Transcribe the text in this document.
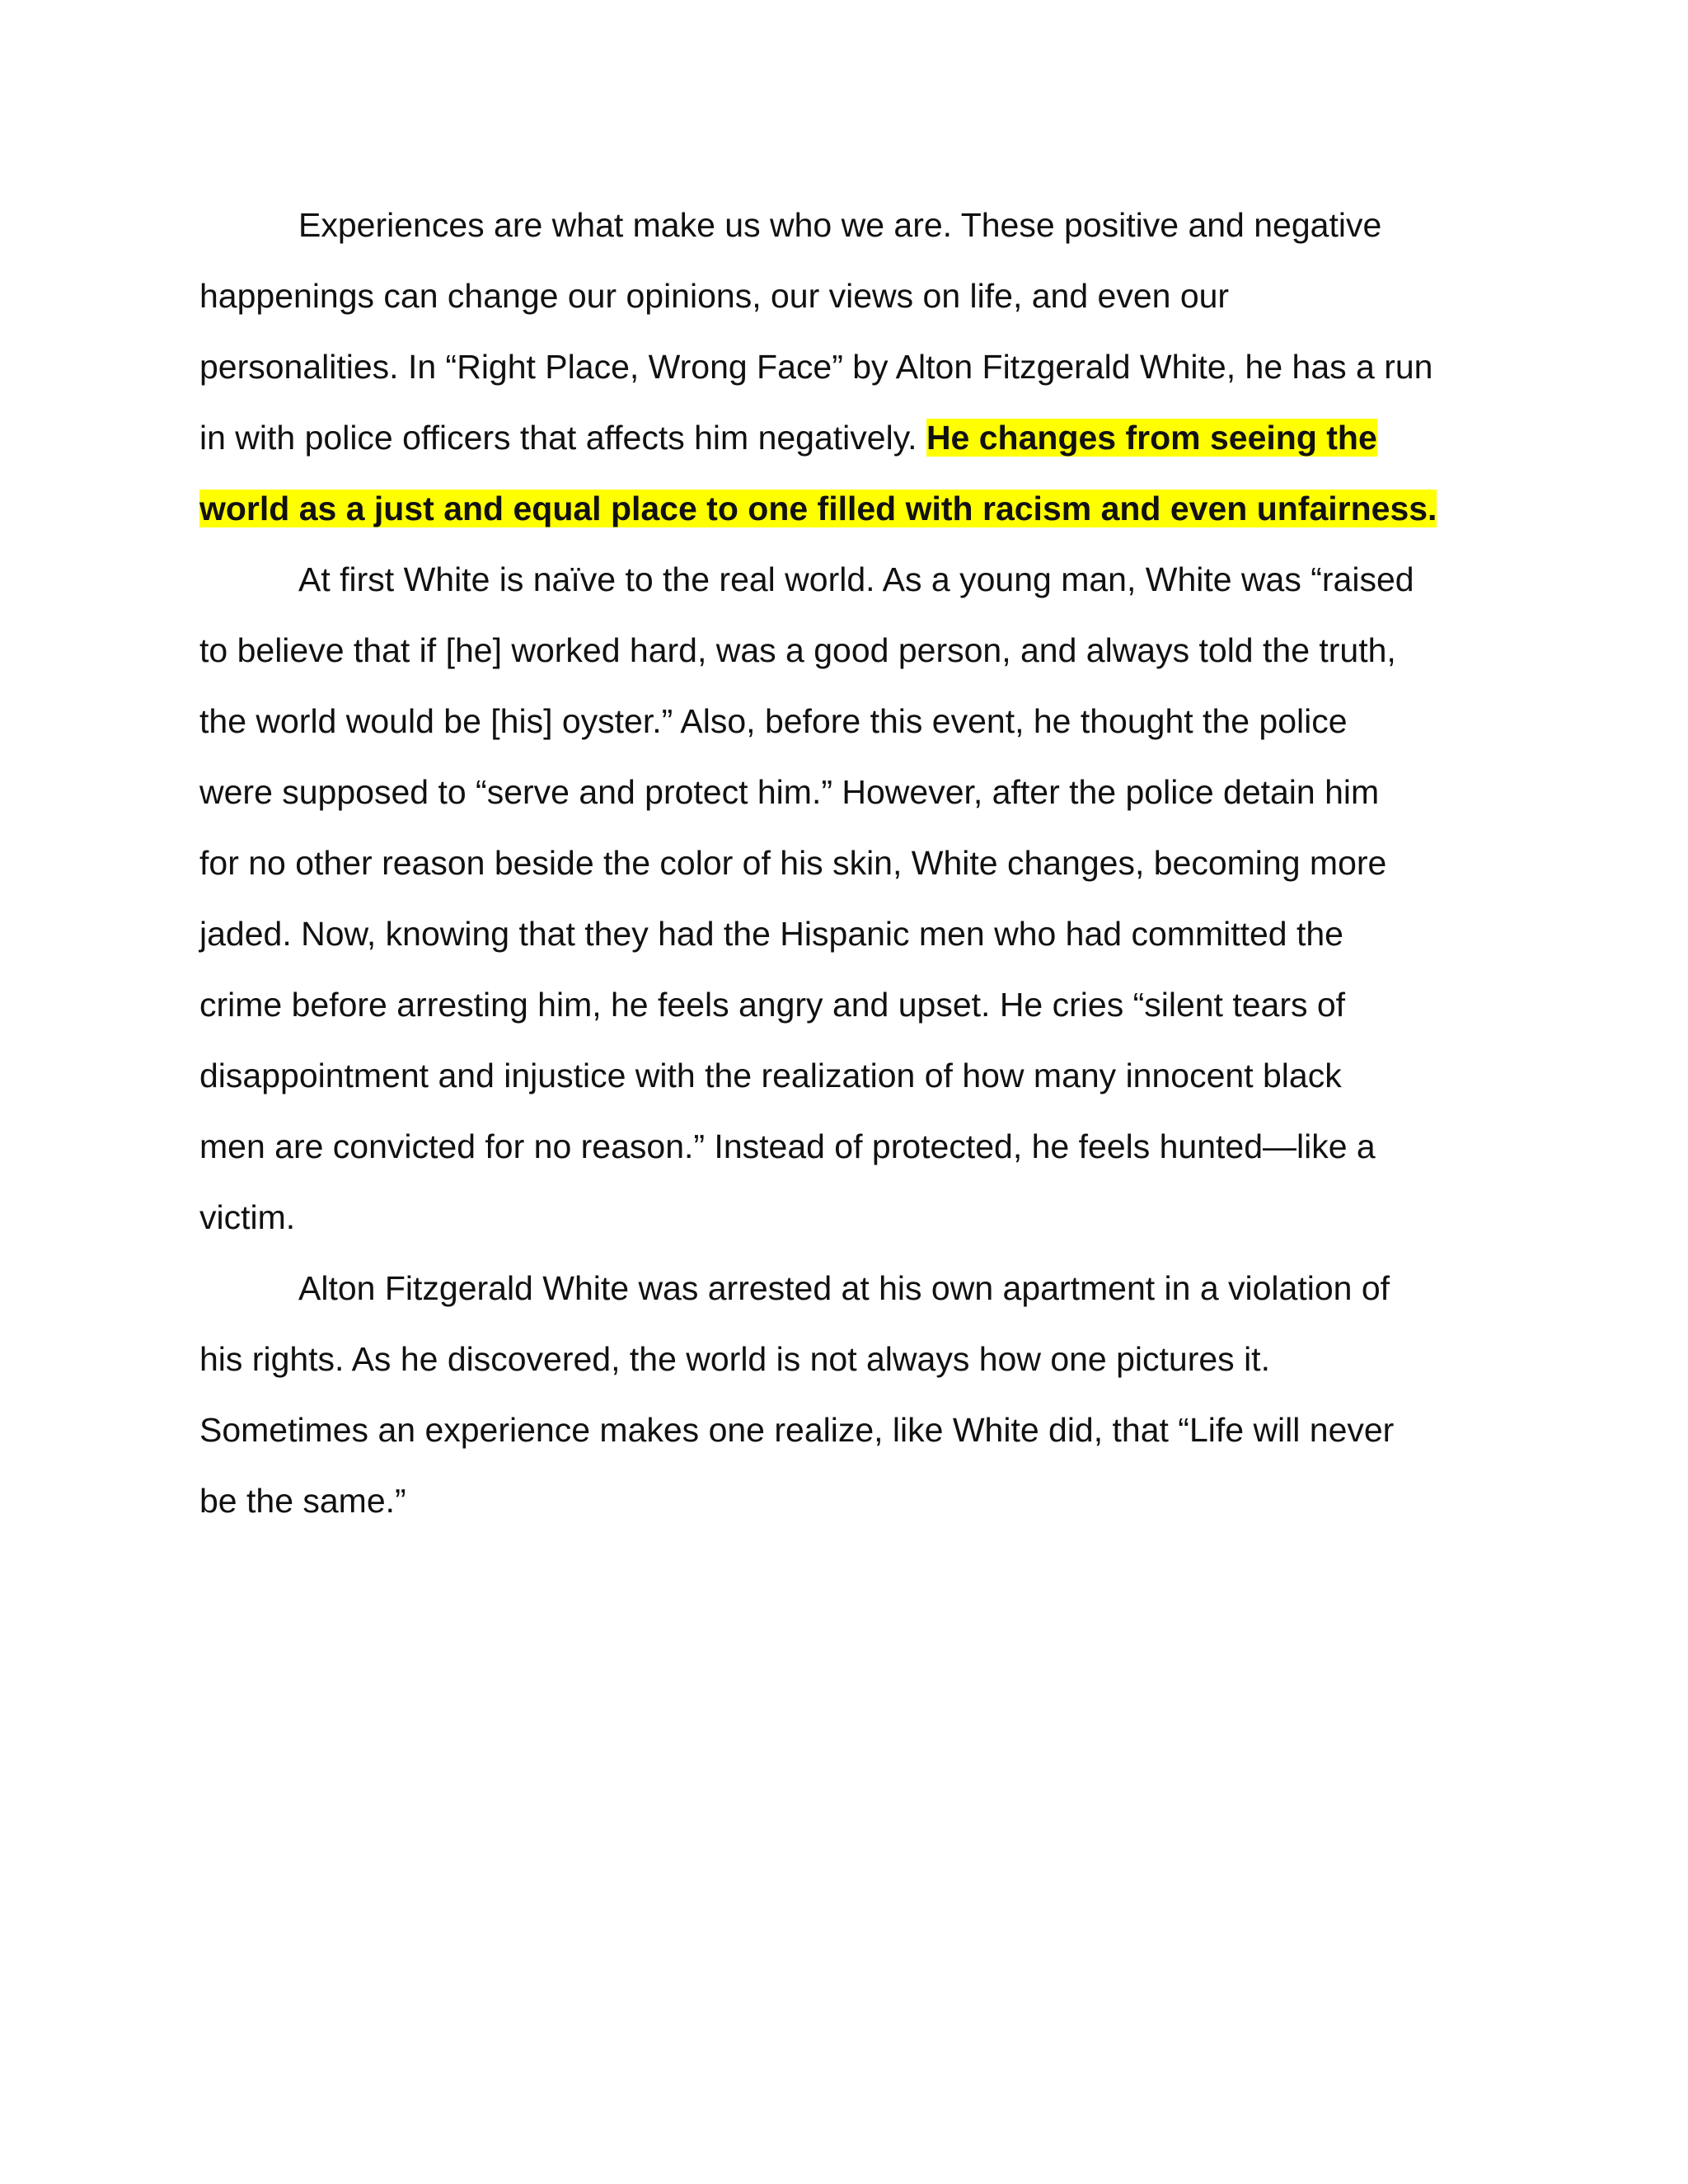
Experiences are what make us who we are. These positive and negative
happenings can change our opinions, our views on life, and even our
personalities. In “Right Place, Wrong Face” by Alton Fitzgerald White, he has a run
in with police officers that affects him negatively. He changes from seeing the
world as a just and equal place to one filled with racism and even unfairness.
At first White is naïve to the real world. As a young man, White was “raised
to believe that if [he] worked hard, was a good person, and always told the truth,
the world would be [his] oyster.” Also, before this event, he thought the police
were supposed to “serve and protect him.” However, after the police detain him
for no other reason beside the color of his skin, White changes, becoming more
jaded. Now, knowing that they had the Hispanic men who had committed the
crime before arresting him, he feels angry and upset. He cries “silent tears of
disappointment and injustice with the realization of how many innocent black
men are convicted for no reason.” Instead of protected, he feels hunted—like a
victim.
Alton Fitzgerald White was arrested at his own apartment in a violation of
his rights. As he discovered, the world is not always how one pictures it.
Sometimes an experience makes one realize, like White did, that “Life will never
be the same.”
